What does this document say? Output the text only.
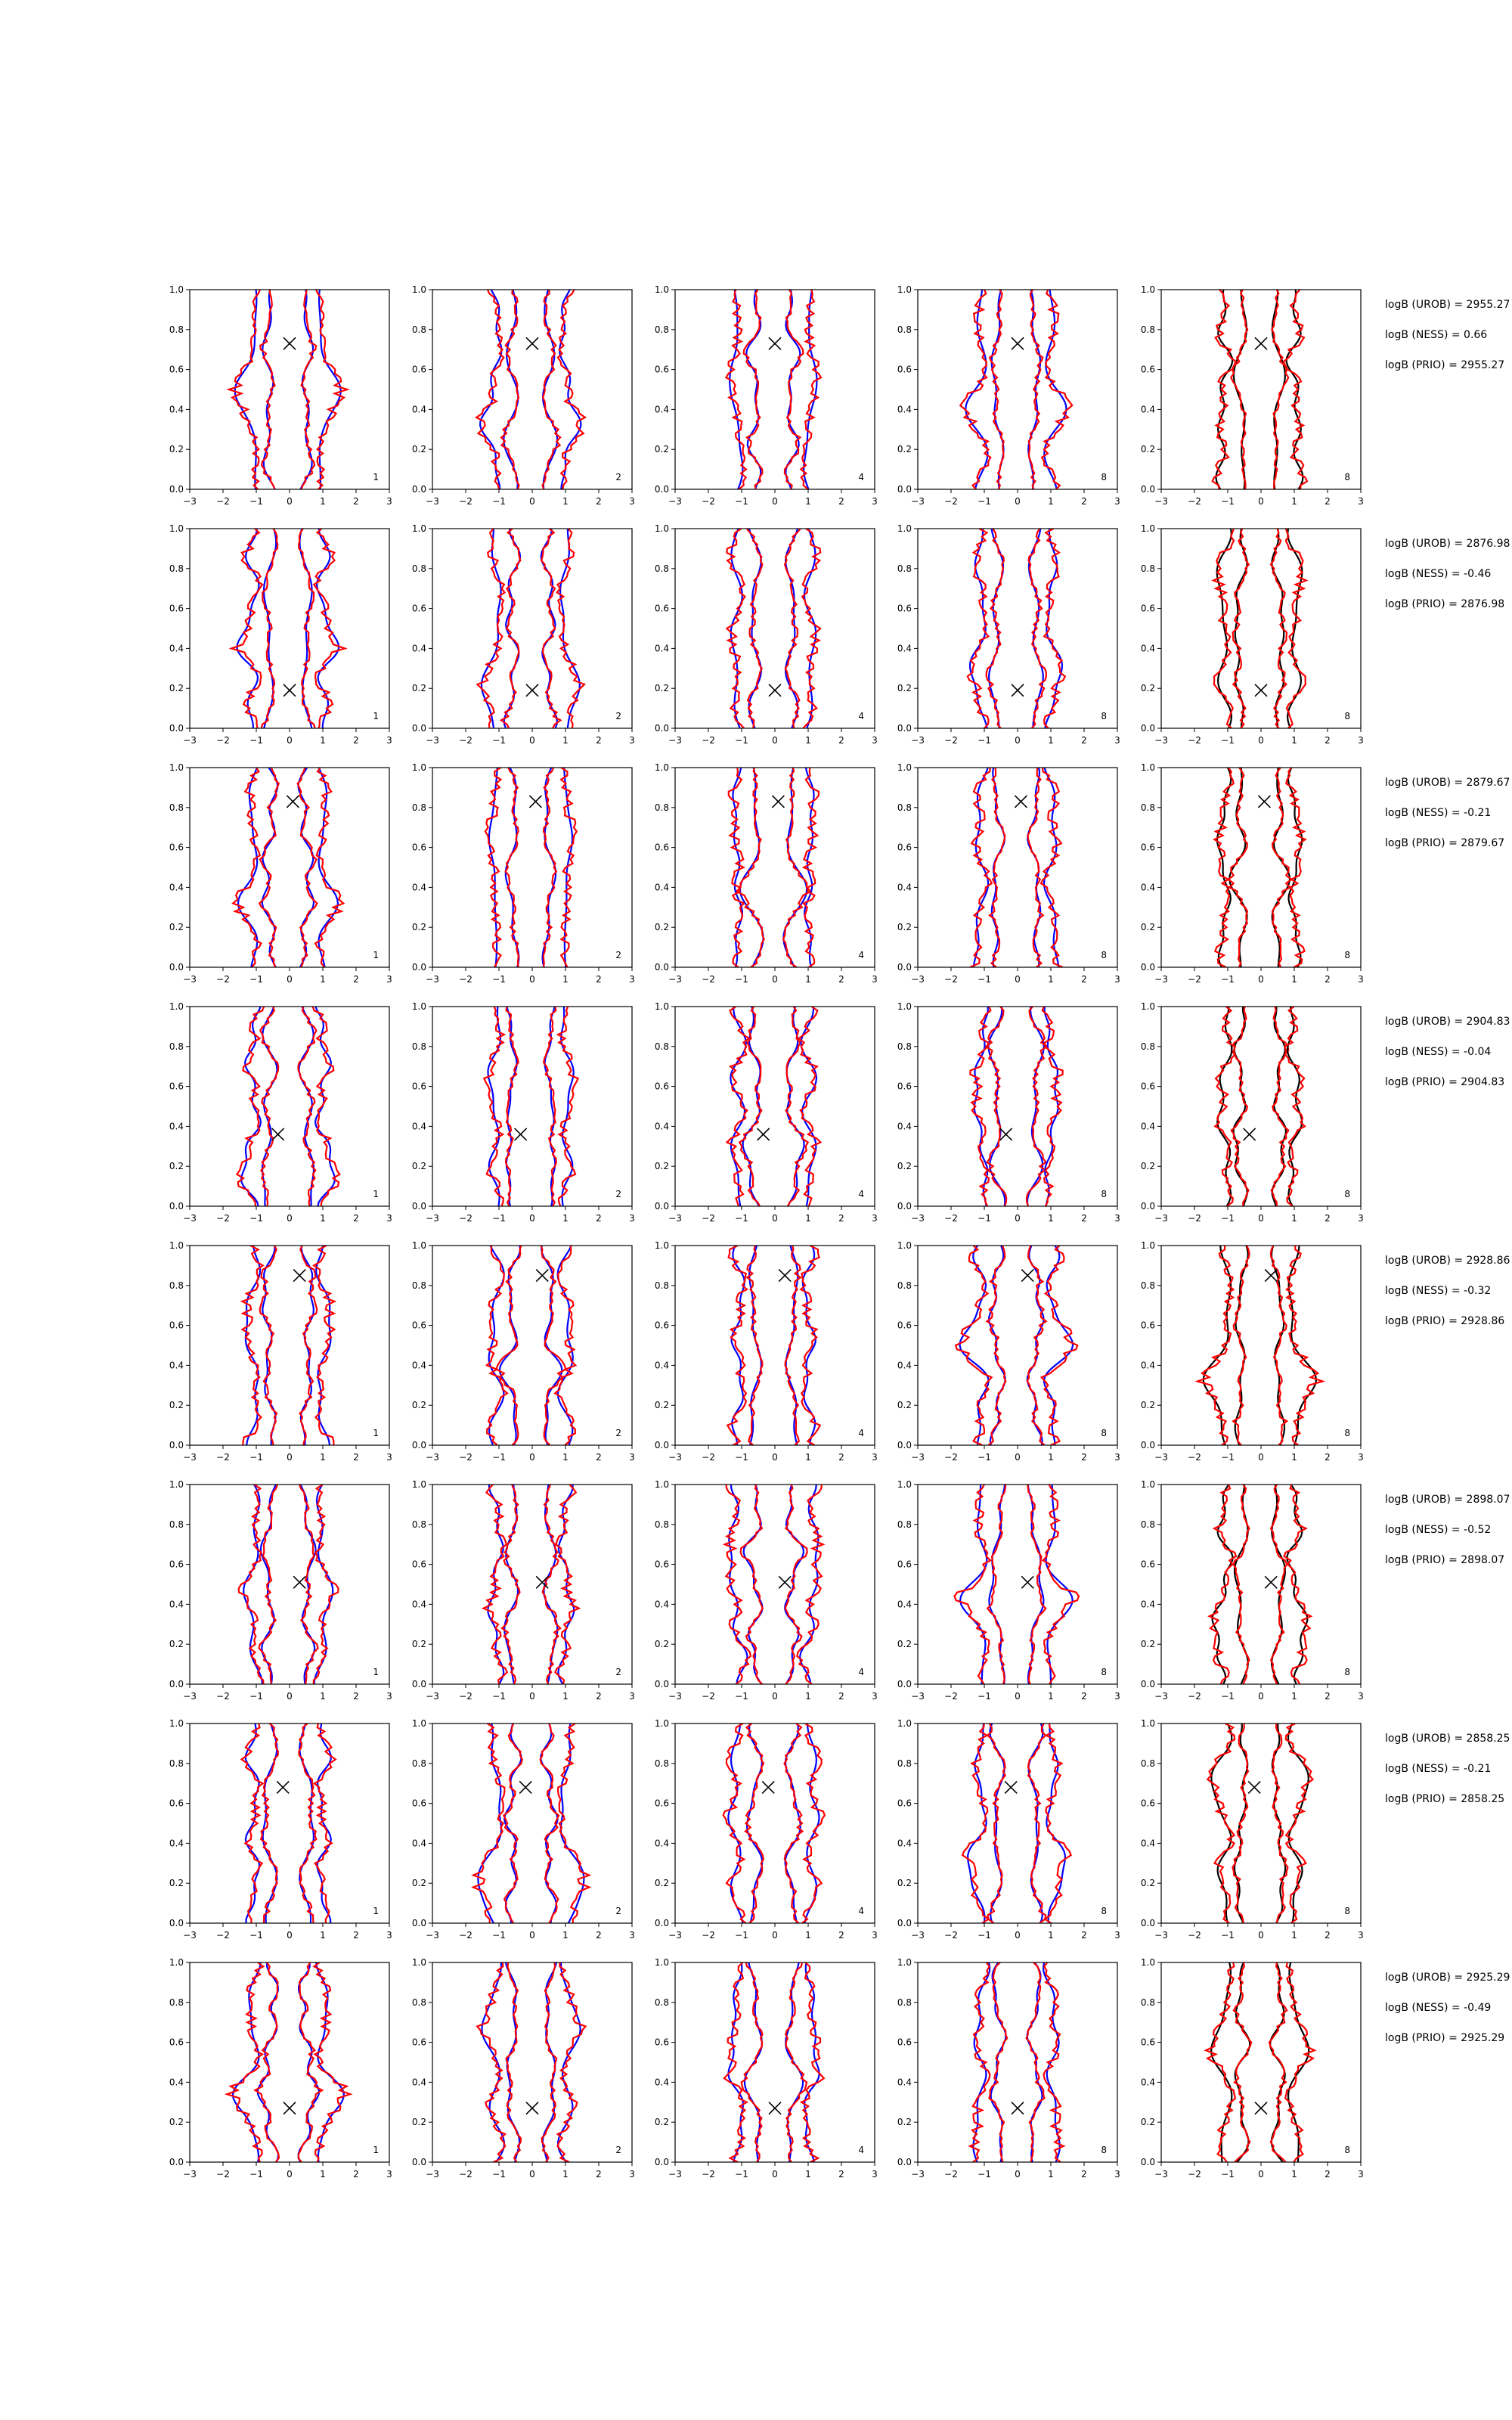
−3 −2 −1	0	1	2	3
0.0
0.2
0.4
0.6
0.8
1.0
1
−3 −2 −1	0	1	2	3
0.0
0.2
0.4
0.6
0.8
1.0
2
−3 −2 −1	0	1	2	3
0.0
0.2
0.4
0.6
0.8
1.0
4
−3 −2 −1	0	1	2	3
0.0
0.2
0.4
0.6
0.8
1.0
8
−3 −2 −1	0	1	2	3
0.0
0.2
0.4
0.6
0.8
1.0
8
−3 −2 −1	0	1	2	3
0.0
0.2
0.4
0.6
0.8
1.0
1
−3 −2 −1	0	1	2	3
0.0
0.2
0.4
0.6
0.8
1.0
2
−3 −2 −1	0	1	2	3
0.0
0.2
0.4
0.6
0.8
1.0
4
−3 −2 −1	0	1	2	3
0.0
0.2
0.4
0.6
0.8
1.0
8
−3 −2 −1	0	1	2	3
0.0
0.2
0.4
0.6
0.8
1.0
8
−3 −2 −1	0	1	2	3
0.0
0.2
0.4
0.6
0.8
1.0
1
−3 −2 −1	0	1	2	3
0.0
0.2
0.4
0.6
0.8
1.0
2
−3 −2 −1	0	1	2	3
0.0
0.2
0.4
0.6
0.8
1.0
4
−3 −2 −1	0	1	2	3
0.0
0.2
0.4
0.6
0.8
1.0
8
−3 −2 −1	0	1	2	3
0.0
0.2
0.4
0.6
0.8
1.0
8
−3 −2 −1	0	1	2	3
0.0
0.2
0.4
0.6
0.8
1.0
1
−3 −2 −1	0	1	2	3
0.0
0.2
0.4
0.6
0.8
1.0
2
−3 −2 −1	0	1	2	3
0.0
0.2
0.4
0.6
0.8
1.0
4
−3 −2 −1	0	1	2	3
0.0
0.2
0.4
0.6
0.8
1.0
8
−3 −2 −1	0	1	2	3
0.0
0.2
0.4
0.6
0.8
1.0
8
−3 −2 −1	0	1	2	3
0.0
0.2
0.4
0.6
0.8
1.0
1
−3 −2 −1	0	1	2	3
0.0
0.2
0.4
0.6
0.8
1.0
2
−3 −2 −1	0	1	2	3
0.0
0.2
0.4
0.6
0.8
1.0
4
−3 −2 −1	0	1	2	3
0.0
0.2
0.4
0.6
0.8
1.0
8
−3 −2 −1	0	1	2	3
0.0
0.2
0.4
0.6
0.8
1.0
8
−3 −2 −1	0	1	2	3
0.0
0.2
0.4
0.6
0.8
1.0
1
−3 −2 −1	0	1	2	3
0.0
0.2
0.4
0.6
0.8
1.0
2
−3 −2 −1	0	1	2	3
0.0
0.2
0.4
0.6
0.8
1.0
4
−3 −2 −1	0	1	2	3
0.0
0.2
0.4
0.6
0.8
1.0
8
−3 −2 −1	0	1	2	3
0.0
0.2
0.4
0.6
0.8
1.0
8
−3 −2 −1	0	1	2	3
0.0
0.2
0.4
0.6
0.8
1.0
1
−3 −2 −1	0	1	2	3
0.0
0.2
0.4
0.6
0.8
1.0
2
−3 −2 −1	0	1	2	3
0.0
0.2
0.4
0.6
0.8
1.0
4
−3 −2 −1	0	1	2	3
0.0
0.2
0.4
0.6
0.8
1.0
8
−3 −2 −1	0	1	2	3
0.0
0.2
0.4
0.6
0.8
1.0
8
−3 −2 −1	0	1	2	3
0.0
0.2
0.4
0.6
0.8
1.0
1
−3 −2 −1	0	1	2	3
0.0
0.2
0.4
0.6
0.8
1.0
2
−3 −2 −1	0	1	2	3
0.0
0.2
0.4
0.6
0.8
1.0
4
−3 −2 −1	0	1	2	3
0.0
0.2
0.4
0.6
0.8
1.0
8
−3 −2 −1	0	1	2	3
0.0
0.2
0.4
0.6
0.8
1.0
8
logB (UROB) = 2955.27
logB (NESS) = 0.66
logB (PRIO) = 2955.27
logB (UROB) = 2876.98
logB (NESS) = -0.46
logB (PRIO) = 2876.98
logB (UROB) = 2879.67
logB (NESS) = -0.21
logB (PRIO) = 2879.67
logB (UROB) = 2904.83
logB (NESS) = -0.04
logB (PRIO) = 2904.83
logB (UROB) = 2928.86
logB (NESS) = -0.32
logB (PRIO) = 2928.86
logB (UROB) = 2898.07
logB (NESS) = -0.52
logB (PRIO) = 2898.07
logB (UROB) = 2858.25
logB (NESS) = -0.21
logB (PRIO) = 2858.25
logB (UROB) = 2925.29
logB (NESS) = -0.49
logB (PRIO) = 2925.29
